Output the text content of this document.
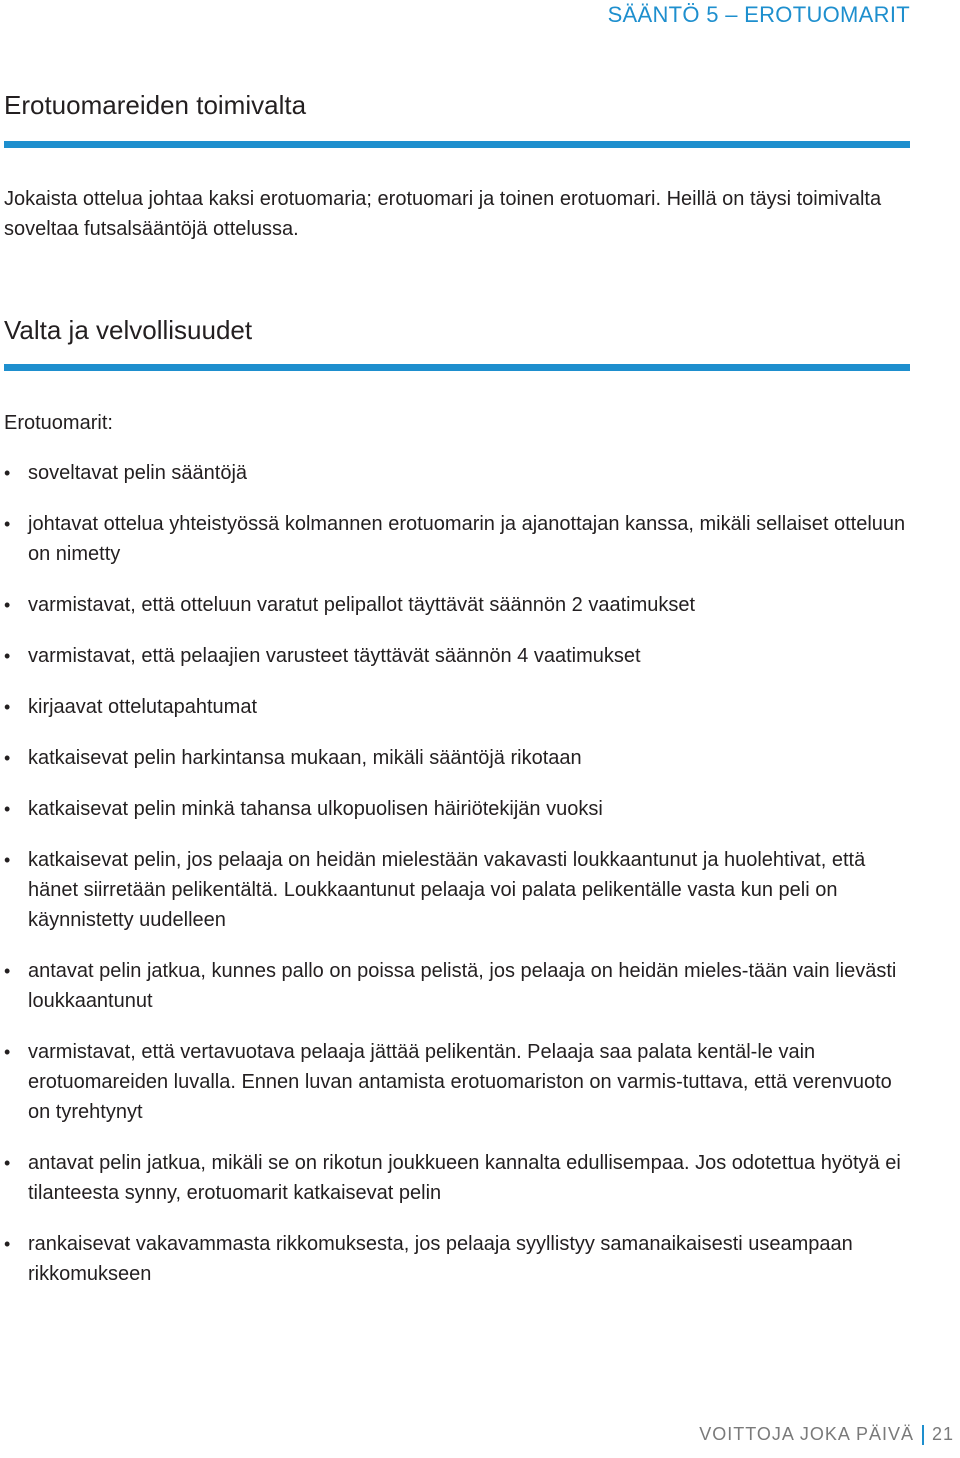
SÄÄNTÖ 5 – EROTUOMARIT
Erotuomareiden toimivalta

Jokaista ottelua johtaa kaksi erotuomaria; erotuomari ja toinen erotuomari. Heillä on täysi toimivalta soveltaa futsalsääntöjä ottelussa.

Valta ja velvollisuudet

Erotuomarit:

• soveltavat pelin sääntöjä
• johtavat ottelua yhteistyössä kolmannen erotuomarin ja ajanottajan kanssa, mikäli sellaiset otteluun on nimetty
• varmistavat, että otteluun varatut pelipallot täyttävät säännön 2 vaatimukset
• varmistavat, että pelaajien varusteet täyttävät säännön 4 vaatimukset
• kirjaavat ottelutapahtumat
• katkaisevat pelin harkintansa mukaan, mikäli sääntöjä rikotaan
• katkaisevat pelin minkä tahansa ulkopuolisen häiriötekijän vuoksi
• katkaisevat pelin, jos pelaaja on heidän mielestään vakavasti loukkaantunut ja huolehtivat, että hänet siirretään pelikentältä. Loukkaantunut pelaaja voi palata pelikentälle vasta kun peli on käynnistetty uudelleen
• antavat pelin jatkua, kunnes pallo on poissa pelistä, jos pelaaja on heidän mieles-tään vain lievästi loukkaantunut
• varmistavat, että vertavuotava pelaaja jättää pelikentän. Pelaaja saa palata kentäl-le vain erotuomareiden luvalla. Ennen luvan antamista erotuomariston on varmis-tuttava, että verenvuoto on tyrehtynyt
• antavat pelin jatkua, mikäli se on rikotun joukkueen kannalta edullisempaa. Jos odotettua hyötyä ei tilanteesta synny, erotuomarit katkaisevat pelin
• rankaisevat vakavammasta rikkomuksesta, jos pelaaja syyllistyy samanaikaisesti useampaan rikkomukseen
VOITTOJA JOKA PÄIVÄ 21
